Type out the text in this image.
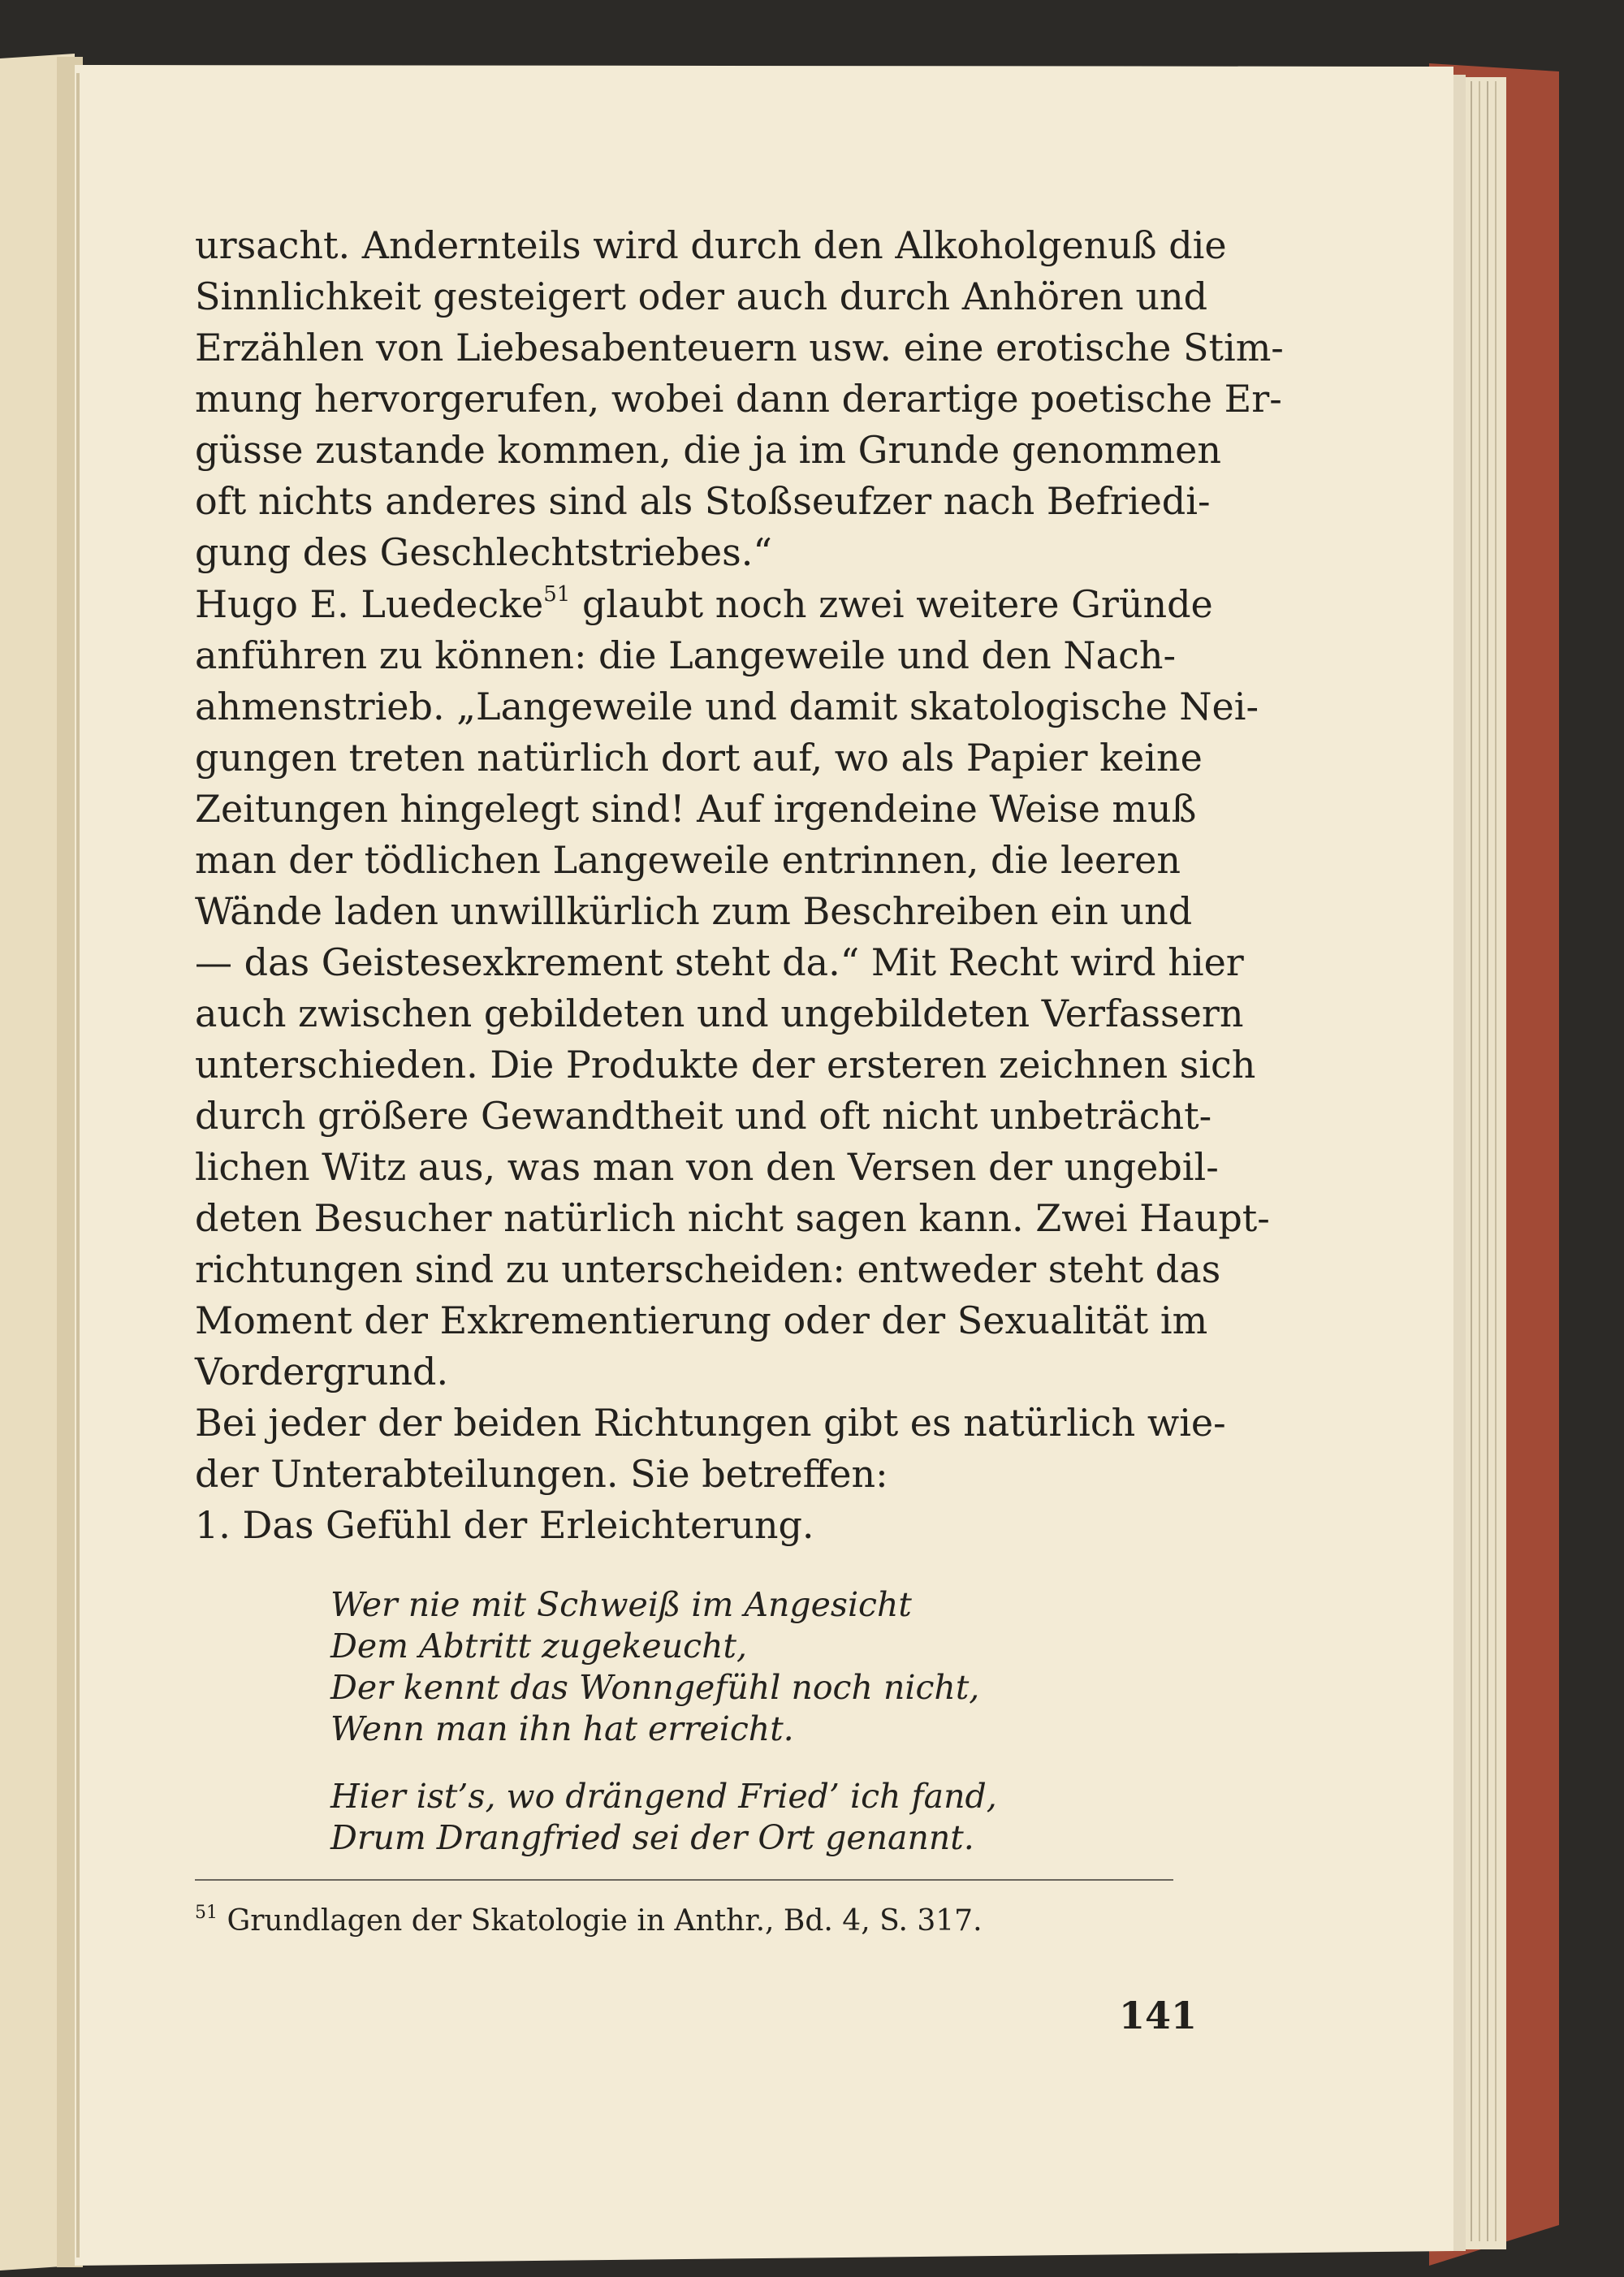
ursacht. Andernteils wird durch den Alkoholgenuß die
Sinnlichkeit gesteigert oder auch durch Anhören und
Erzählen von Liebesabenteuern usw. eine erotische Stim-
mung hervorgerufen, wobei dann derartige poetische Er-
güsse zustande kommen, die ja im Grunde genommen
oft nichts anderes sind als Stoßseufzer nach Befriedi-
gung des Geschlechtstriebes.“
Hugo E. Luedecke$^{51}$ glaubt noch zwei weitere Gründe
anführen zu können: die Langeweile und den Nach-
ahmenstrieb. „Langeweile und damit skatologische Nei-
gungen treten natürlich dort auf, wo als Papier keine
Zeitungen hingelegt sind! Auf irgendeine Weise muß
man der tödlichen Langeweile entrinnen, die leeren
Wände laden unwillkürlich zum Beschreiben ein und
— das Geistesexkrement steht da.“ Mit Recht wird hier
auch zwischen gebildeten und ungebildeten Verfassern
unterschieden. Die Produkte der ersteren zeichnen sich
durch größere Gewandtheit und oft nicht unbeträcht-
lichen Witz aus, was man von den Versen der ungebil-
deten Besucher natürlich nicht sagen kann. Zwei Haupt-
richtungen sind zu unterscheiden: entweder steht das
Moment der Exkrementierung oder der Sexualität im
Vordergrund.
Bei jeder der beiden Richtungen gibt es natürlich wie-
der Unterabteilungen. Sie betreffen:
1. Das Gefühl der Erleichterung.
Wer nie mit Schweiß im Angesicht
Dem Abtritt zugekeucht,
Der kennt das Wonngefühl noch nicht,
Wenn man ihn hat erreicht.
Hier ist’s, wo drängend Fried’ ich fand,
Drum Drangfried sei der Ort genannt.
$^{51}$ Grundlagen der Skatologie in Anthr., Bd. 4, S. 317.
141
